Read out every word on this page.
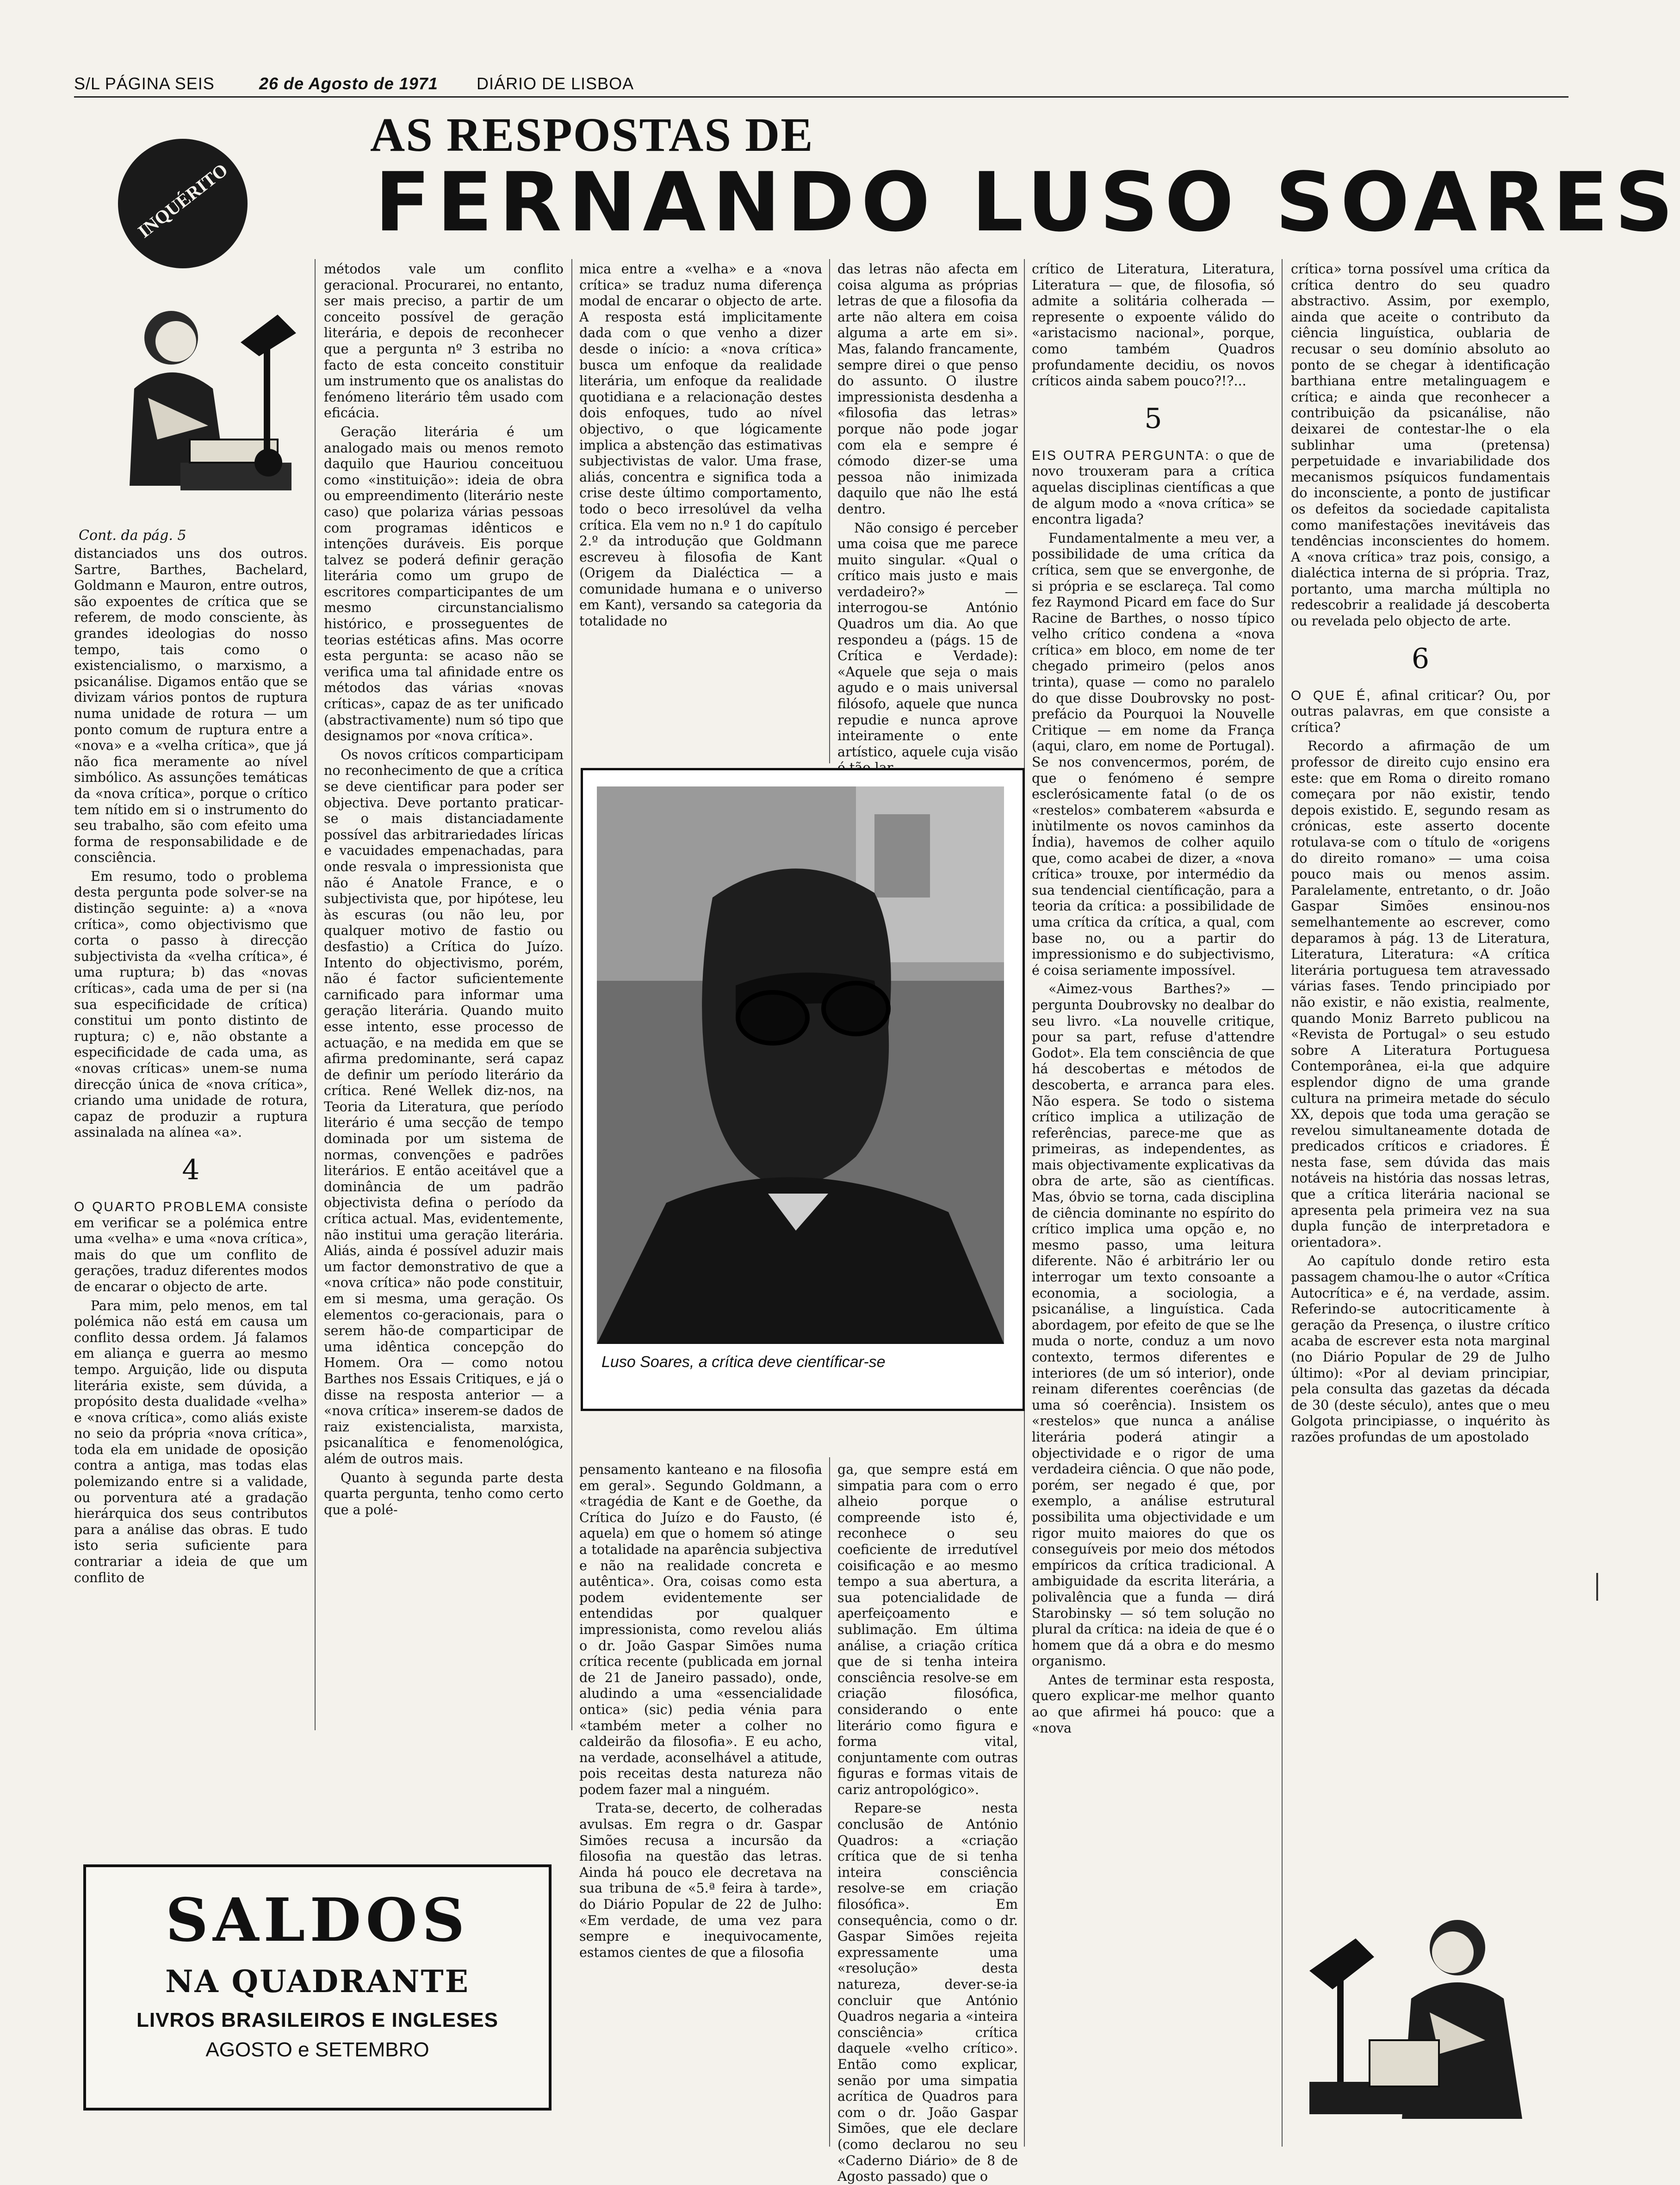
S/L PÁGINA SEIS	26 de Agosto de 1971 DIÁRIO DE LISBOA
INQUÉRITO
AS RESPOSTAS DE
FERNANDO LUSO SOARES
Cont. da pág. 5

distanciados uns dos outros. Sartre, Barthes, Bachelard, Goldmann e Mauron, entre outros, são expoentes de crítica que se referem, de modo consciente, às grandes ideologias do nosso tempo, tais como o existencialismo, o marxismo, a psicanálise. Digamos então que se divizam vários pontos de ruptura numa unidade de rotura — um ponto comum de ruptura entre a «nova» e a «velha crítica», que já não fica meramente ao nível simbólico. As assunções temáticas da «nova crítica», porque o crítico tem nítido em si o instrumento do seu trabalho, são com efeito uma forma de responsabilidade e de consciência.

Em resumo, todo o problema desta pergunta pode solver-se na distinção seguinte: a) a «nova crítica», como objectivismo que corta o passo à direcção subjectivista da «velha crítica», é uma ruptura; b) das «novas críticas», cada uma de per si (na sua especificidade de crítica) constitui um ponto distinto de ruptura; c) e, não obstante a especificidade de cada uma, as «novas críticas» unem-se numa direcção única de «nova crítica», criando uma unidade de rotura, capaz de produzir a ruptura assinalada na alínea «a».

4

O QUARTO PROBLEMA consiste em verificar se a polémica entre uma «velha» e uma «nova crítica», mais do que um conflito de gerações, traduz diferentes modos de encarar o objecto de arte.

Para mim, pelo menos, em tal polémica não está em causa um conflito dessa ordem. Já falamos em aliança e guerra ao mesmo tempo. Arguição, lide ou disputa literária existe, sem dúvida, a propósito desta dualidade «velha» e «nova crítica», como aliás existe no seio da própria «nova crítica», toda ela em unidade de oposição contra a antiga, mas todas elas polemizando entre si a validade, ou porventura até a gradação hierárquica dos seus contributos para a análise das obras. E tudo isto seria suficiente para contrariar a ideia de que um conflito de

métodos vale um conflito geracional. Procurarei, no entanto, ser mais preciso, a partir de um conceito possível de geração literária, e depois de reconhecer que a pergunta nº 3 estriba no facto de esta conceito constituir um instrumento que os analistas do fenómeno literário têm usado com eficácia.

Geração literária é um analogado mais ou menos remoto daquilo que Hauriou conceituou como «instituição»: ideia de obra ou empreendimento (literário neste caso) que polariza várias pessoas com programas idênticos e intenções duráveis. Eis porque talvez se poderá definir geração literária como um grupo de escritores comparticipantes de um mesmo circunstancialismo histórico, e prosseguentes de teorias estéticas afins. Mas ocorre esta pergunta: se acaso não se verifica uma tal afinidade entre os métodos das várias «novas críticas», capaz de as ter unificado (abstractivamente) num só tipo que designamos por «nova crítica».

Os novos críticos comparticipam no reconhecimento de que a crítica se deve cientificar para poder ser objectiva. Deve portanto praticar-se o mais distanciadamente possível das arbitrariedades líricas e vacuidades empenachadas, para onde resvala o impressionista que não é Anatole France, e o subjectivista que, por hipótese, leu às escuras (ou não leu, por qualquer motivo de fastio ou desfastio) a Crítica do Juízo. Intento do objectivismo, porém, não é factor suficientemente carnificado para informar uma geração literária. Quando muito esse intento, esse processo de actuação, e na medida em que se afirma predominante, será capaz de definir um período literário da crítica. René Wellek diz-nos, na Teoria da Literatura, que período literário é uma secção de tempo dominada por um sistema de normas, convenções e padrões literários. E então aceitável que a dominância de um padrão objectivista defina o período da crítica actual. Mas, evidentemente, não institui uma geração literária. Aliás, ainda é possível aduzir mais um factor demonstrativo de que a «nova crítica» não pode constituir, em si mesma, uma geração. Os elementos co-geracionais, para o serem hão-de comparticipar de uma idêntica concepção do Homem. Ora — como notou Barthes nos Essais Critiques, e já o disse na resposta anterior — a «nova crítica» inserem-se dados de raiz existencialista, marxista, psicanalítica e fenomenológica, além de outros mais.

Quanto à segunda parte desta quarta pergunta, tenho como certo que a polé-

mica entre a «velha» e a «nova crítica» se traduz numa diferença modal de encarar o objecto de arte. A resposta está implicitamente dada com o que venho a dizer desde o início: a «nova crítica» busca um enfoque da realidade literária, um enfoque da realidade quotidiana e a relacionação destes dois enfoques, tudo ao nível objectivo, o que lógicamente implica a abstenção das estimativas subjectivistas de valor. Uma frase, aliás, concentra e significa toda a crise deste último comportamento, todo o beco irresolúvel da velha crítica. Ela vem no n.º 1 do capítulo 2.º da introdução que Goldmann escreveu à filosofia de Kant (Origem da Dialéctica — a comunidade humana e o universo em Kant), versando sa categoria da totalidade no

pensamento kanteano e na filosofia em geral». Segundo Goldmann, a «tragédia de Kant e de Goethe, da Crítica do Juízo e do Fausto, (é aquela) em que o homem só atinge a totalidade na aparência subjectiva e não na realidade concreta e autêntica». Ora, coisas como esta podem evidentemente ser entendidas por qualquer impressionista, como revelou aliás o dr. João Gaspar Simões numa crítica recente (publicada em jornal de 21 de Janeiro passado), onde, aludindo a uma «essencialidade ontica» (sic) pedia vénia para «também meter a colher no caldeirão da filosofia». E eu acho, na verdade, aconselhável a atitude, pois receitas desta natureza não podem fazer mal a ninguém.

Trata-se, decerto, de colheradas avulsas. Em regra o dr. Gaspar Simões recusa a incursão da filosofia na questão das letras. Ainda há pouco ele decretava na sua tribuna de «5.ª feira à tarde», do Diário Popular de 22 de Julho: «Em verdade, de uma vez para sempre e inequivocamente, estamos cientes de que a filosofia

das letras não afecta em coisa alguma as próprias letras de que a filosofia da arte não altera em coisa alguma a arte em si». Mas, falando francamente, sempre direi o que penso do assunto. O ilustre impressionista desdenha a «filosofia das letras» porque não pode jogar com ela e sempre é cómodo dizer-se uma pessoa não inimizada daquilo que não lhe está dentro.

Não consigo é perceber uma coisa que me parece muito singular. «Qual o crítico mais justo e mais verdadeiro?» — interrogou-se António Quadros um dia. Ao que respondeu a (págs. 15 de Crítica e Verdade): «Aquele que seja o mais agudo e o mais universal filósofo, aquele que nunca repudie e nunca aprove inteiramente o ente artístico, aquele cuja visão

ga, que sempre está em simpatia para com o erro alheio porque o compreende isto é, reconhece o seu coeficiente de irredutível coisificação e ao mesmo tempo a sua abertura, a sua potencialidade de aperfeiçoamento e sublimação. Em última análise, a criação crítica que de si tenha inteira consciência resolve-se em criação filosófica, considerando o ente literário como figura e forma vital, conjuntamente com outras figuras e formas vitais de cariz antropológico».

Repare-se nesta conclusão de António Quadros: a «criação crítica que de si tenha inteira consciência resolve-se em criação filosófica». Em consequência, como o dr. Gaspar Simões rejeita expressamente uma «resolução» desta natureza, dever-se-ia concluir que António Quadros negaria a «inteira consciência» crítica daquele «velho crítico». Então como explicar, senão por uma simpatia acrítica de Quadros para com o dr. João Gaspar Simões, que ele declare (como declarou no seu «Caderno Diário» de 8 de Agosto passado) que o

crítico de Literatura, Literatura, Literatura — que, de filosofia, só admite a solitária colherada — represente o expoente válido do «aristacismo nacional», porque, como também Quadros profundamente decidiu, os novos críticos ainda sabem pouco?!?...

5

EIS OUTRA PERGUNTA: o que de novo trouxeram para a crítica aquelas disciplinas científicas a que de algum modo a «nova crítica» se encontra ligada?

Fundamentalmente a meu ver, a possibilidade de uma crítica da crítica, sem que se envergonhe, de si própria e se esclareça. Tal como fez Raymond Picard em face do Sur Racine de Barthes, o nosso típico velho crítico condena a «nova crítica» em bloco, em nome de ter chegado primeiro (pelos anos trinta), quase — como no paralelo do que disse Doubrovsky no post-prefácio da Pourquoi la Nouvelle Critique — em nome da França (aqui, claro, em nome de Portugal). Se nos convencermos, porém, de que o fenómeno é sempre esclerósicamente fatal (o de os «restelos» combaterem «absurda e inùtilmente os novos caminhos da Índia), havemos de colher aquilo que, como acabei de dizer, a «nova crítica» trouxe, por intermédio da sua tendencial científicação, para a teoria da crítica: a possibilidade de uma crítica da crítica, a qual, com base no, ou a partir do impressionismo e do subjectivismo, é coisa seriamente impossível.

«Aimez-vous Barthes?» — pergunta Doubrovsky no dealbar do seu livro. «La nouvelle critique, pour sa part, refuse d'attendre Godot». Ela tem consciência de que há descobertas e métodos de descoberta, e arranca para eles. Não espera. Se todo o sistema crítico implica a utilização de referências, parece-me que as primeiras, as independentes, as mais objectivamente explicativas da obra de arte, são as científicas. Mas, óbvio se torna, cada disciplina de ciência dominante no espírito do crítico implica uma opção e, no mesmo passo, uma leitura diferente. Não é arbitrário ler ou interrogar um texto consoante a economia, a sociologia, a psicanálise, a linguística. Cada abordagem, por efeito de que se lhe muda o norte, conduz a um novo contexto, termos diferentes e interiores (de um só interior), onde reinam diferentes coerências (de uma só coerência). Insistem os «restelos» que nunca a análise literária poderá atingir a objectividade e o rigor de uma verdadeira ciência. O que não pode, porém, ser negado é que, por exemplo, a análise estrutural possibilita uma objectividade e um rigor muito maiores do que os conseguíveis por meio dos métodos empíricos da crítica tradicional. A ambiguidade da escrita literária, a polivalência que a funda — dirá Starobinsky — só tem solução no plural da crítica: na ideia de que é o homem que dá a obra e do mesmo organismo.

Antes de terminar esta resposta, quero explicar-me melhor quanto ao que afirmei há pouco: que a «nova

crítica» torna possível uma crítica da crítica dentro do seu quadro abstractivo. Assim, por exemplo, ainda que aceite o contributo da ciência linguística, oublaria de recusar o seu domínio absoluto ao ponto de se chegar à identificação barthiana entre metalinguagem e crítica; e ainda que reconhecer a contribuição da psicanálise, não deixarei de contestar-lhe o ela sublinhar uma (pretensa) perpetuidade e invariabilidade dos mecanismos psíquicos fundamentais do inconsciente, a ponto de justificar os defeitos da sociedade capitalista como manifestações inevitáveis das tendências inconscientes do homem. A «nova crítica» traz pois, consigo, a dialéctica interna de si própria. Traz, portanto, uma marcha múltipla no redescobrir a realidade já descoberta ou revelada pelo objecto de arte.

6

O QUE É, afinal criticar? Ou, por outras palavras, em que consiste a crítica?

Recordo a afirmação de um professor de direito cujo ensino era este: que em Roma o direito romano começara por não existir, tendo depois existido. E, segundo resam as crónicas, este asserto docente rotulava-se com o título de «origens do direito romano» — uma coisa pouco mais ou menos assim. Paralelamente, entretanto, o dr. João Gaspar Simões ensinou-nos semelhantemente ao escrever, como deparamos à pág. 13 de Literatura, Literatura, Literatura: «A crítica literária portuguesa tem atravessado várias fases. Tendo principiado por não existir, e não existia, realmente, quando Moniz Barreto publicou na «Revista de Portugal» o seu estudo sobre A Literatura Portuguesa Contemporânea, ei-la que adquire esplendor digno de uma grande cultura na primeira metade do século XX, depois que toda uma geração se revelou simultaneamente dotada de predicados críticos e criadores. É nesta fase, sem dúvida das mais notáveis na história das nossas letras, que a crítica literária nacional se apresenta pela primeira vez na sua dupla função de interpretadora e orientadora».

Ao capítulo donde retiro esta passagem chamou-lhe o autor «Crítica Autocrítica» e é, na verdade, assim. Referindo-se autocriticamente à geração da Presença, o ilustre crítico acaba de escrever esta nota marginal (no Diário Popular de 29 de Julho último): «Por al deviam principiar, pela consulta das gazetas da década de 30 (deste século), antes que o meu Golgota principiasse, o inquérito às razões profundas de um apostolado

Luso Soares, a crítica deve científicar-se
SALDOS
NA QUADRANTE
LIVROS BRASILEIROS E INGLESES
AGOSTO e SETEMBRO
